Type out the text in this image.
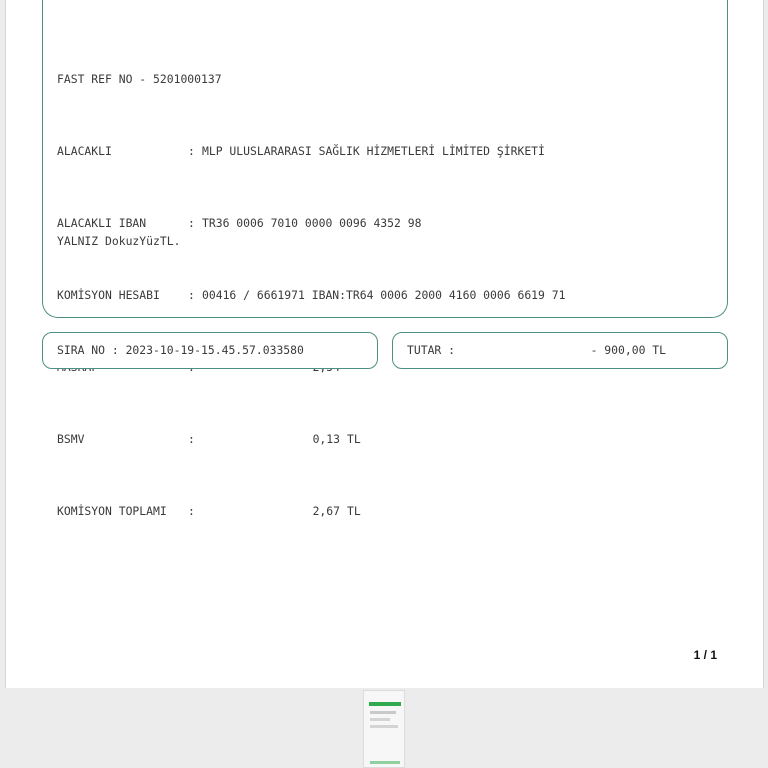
FAST REF NO - 5201000137

ALACAKLI	: MLP ULUSLARARASI SAĞLIK HİZMETLERİ LİMİTED ŞİRKETİ

ALACAKLI IBAN	: TR36 0006 7010 0000 0096 4352 98

KOMİSYON HESABI	: 00416 / 6661971 IBAN:TR64 0006 2000 4160 0006 6619 71

BSMV	:	0,13 TL

KOMİSYON TOPLAMI	:	2,67 TL

YALNIZ DokuzYüzTL.
SIRA NO : 2023-10-19-15.45.57.033580	TUTAR :	- 900,00 TL
1 / 1
